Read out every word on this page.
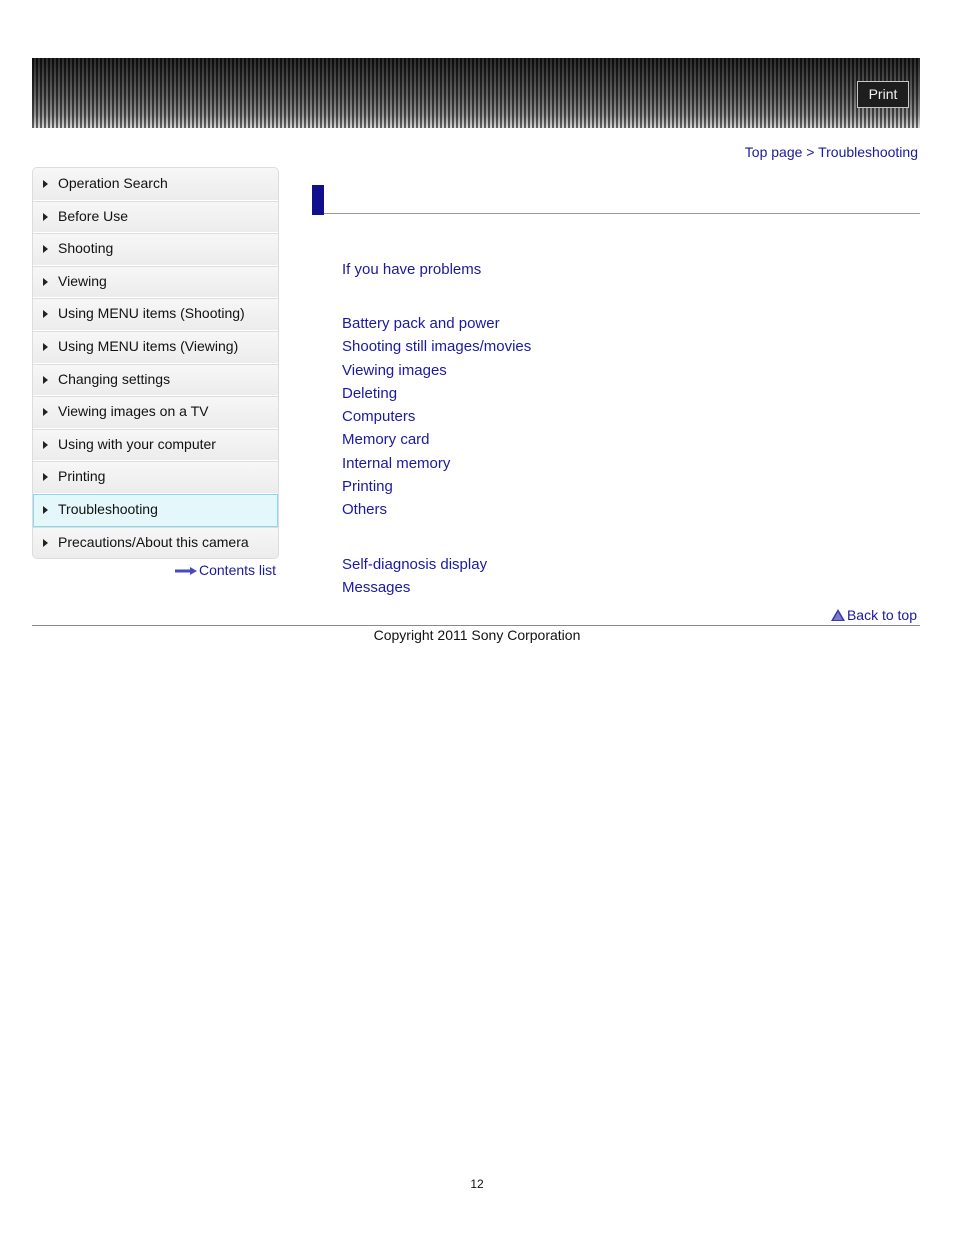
Print
Top page > Troubleshooting
Operation Search
Before Use
Shooting
Viewing
Using MENU items (Shooting)
Using MENU items (Viewing)
Changing settings
Viewing images on a TV
Using with your computer
Printing
Troubleshooting
Precautions/About this camera
Contents list
If you have problems
Battery pack and power
Shooting still images/movies
Viewing images
Deleting
Computers
Memory card
Internal memory
Printing
Others
Self-diagnosis display
Messages
Back to top
Copyright 2011 Sony Corporation
12
